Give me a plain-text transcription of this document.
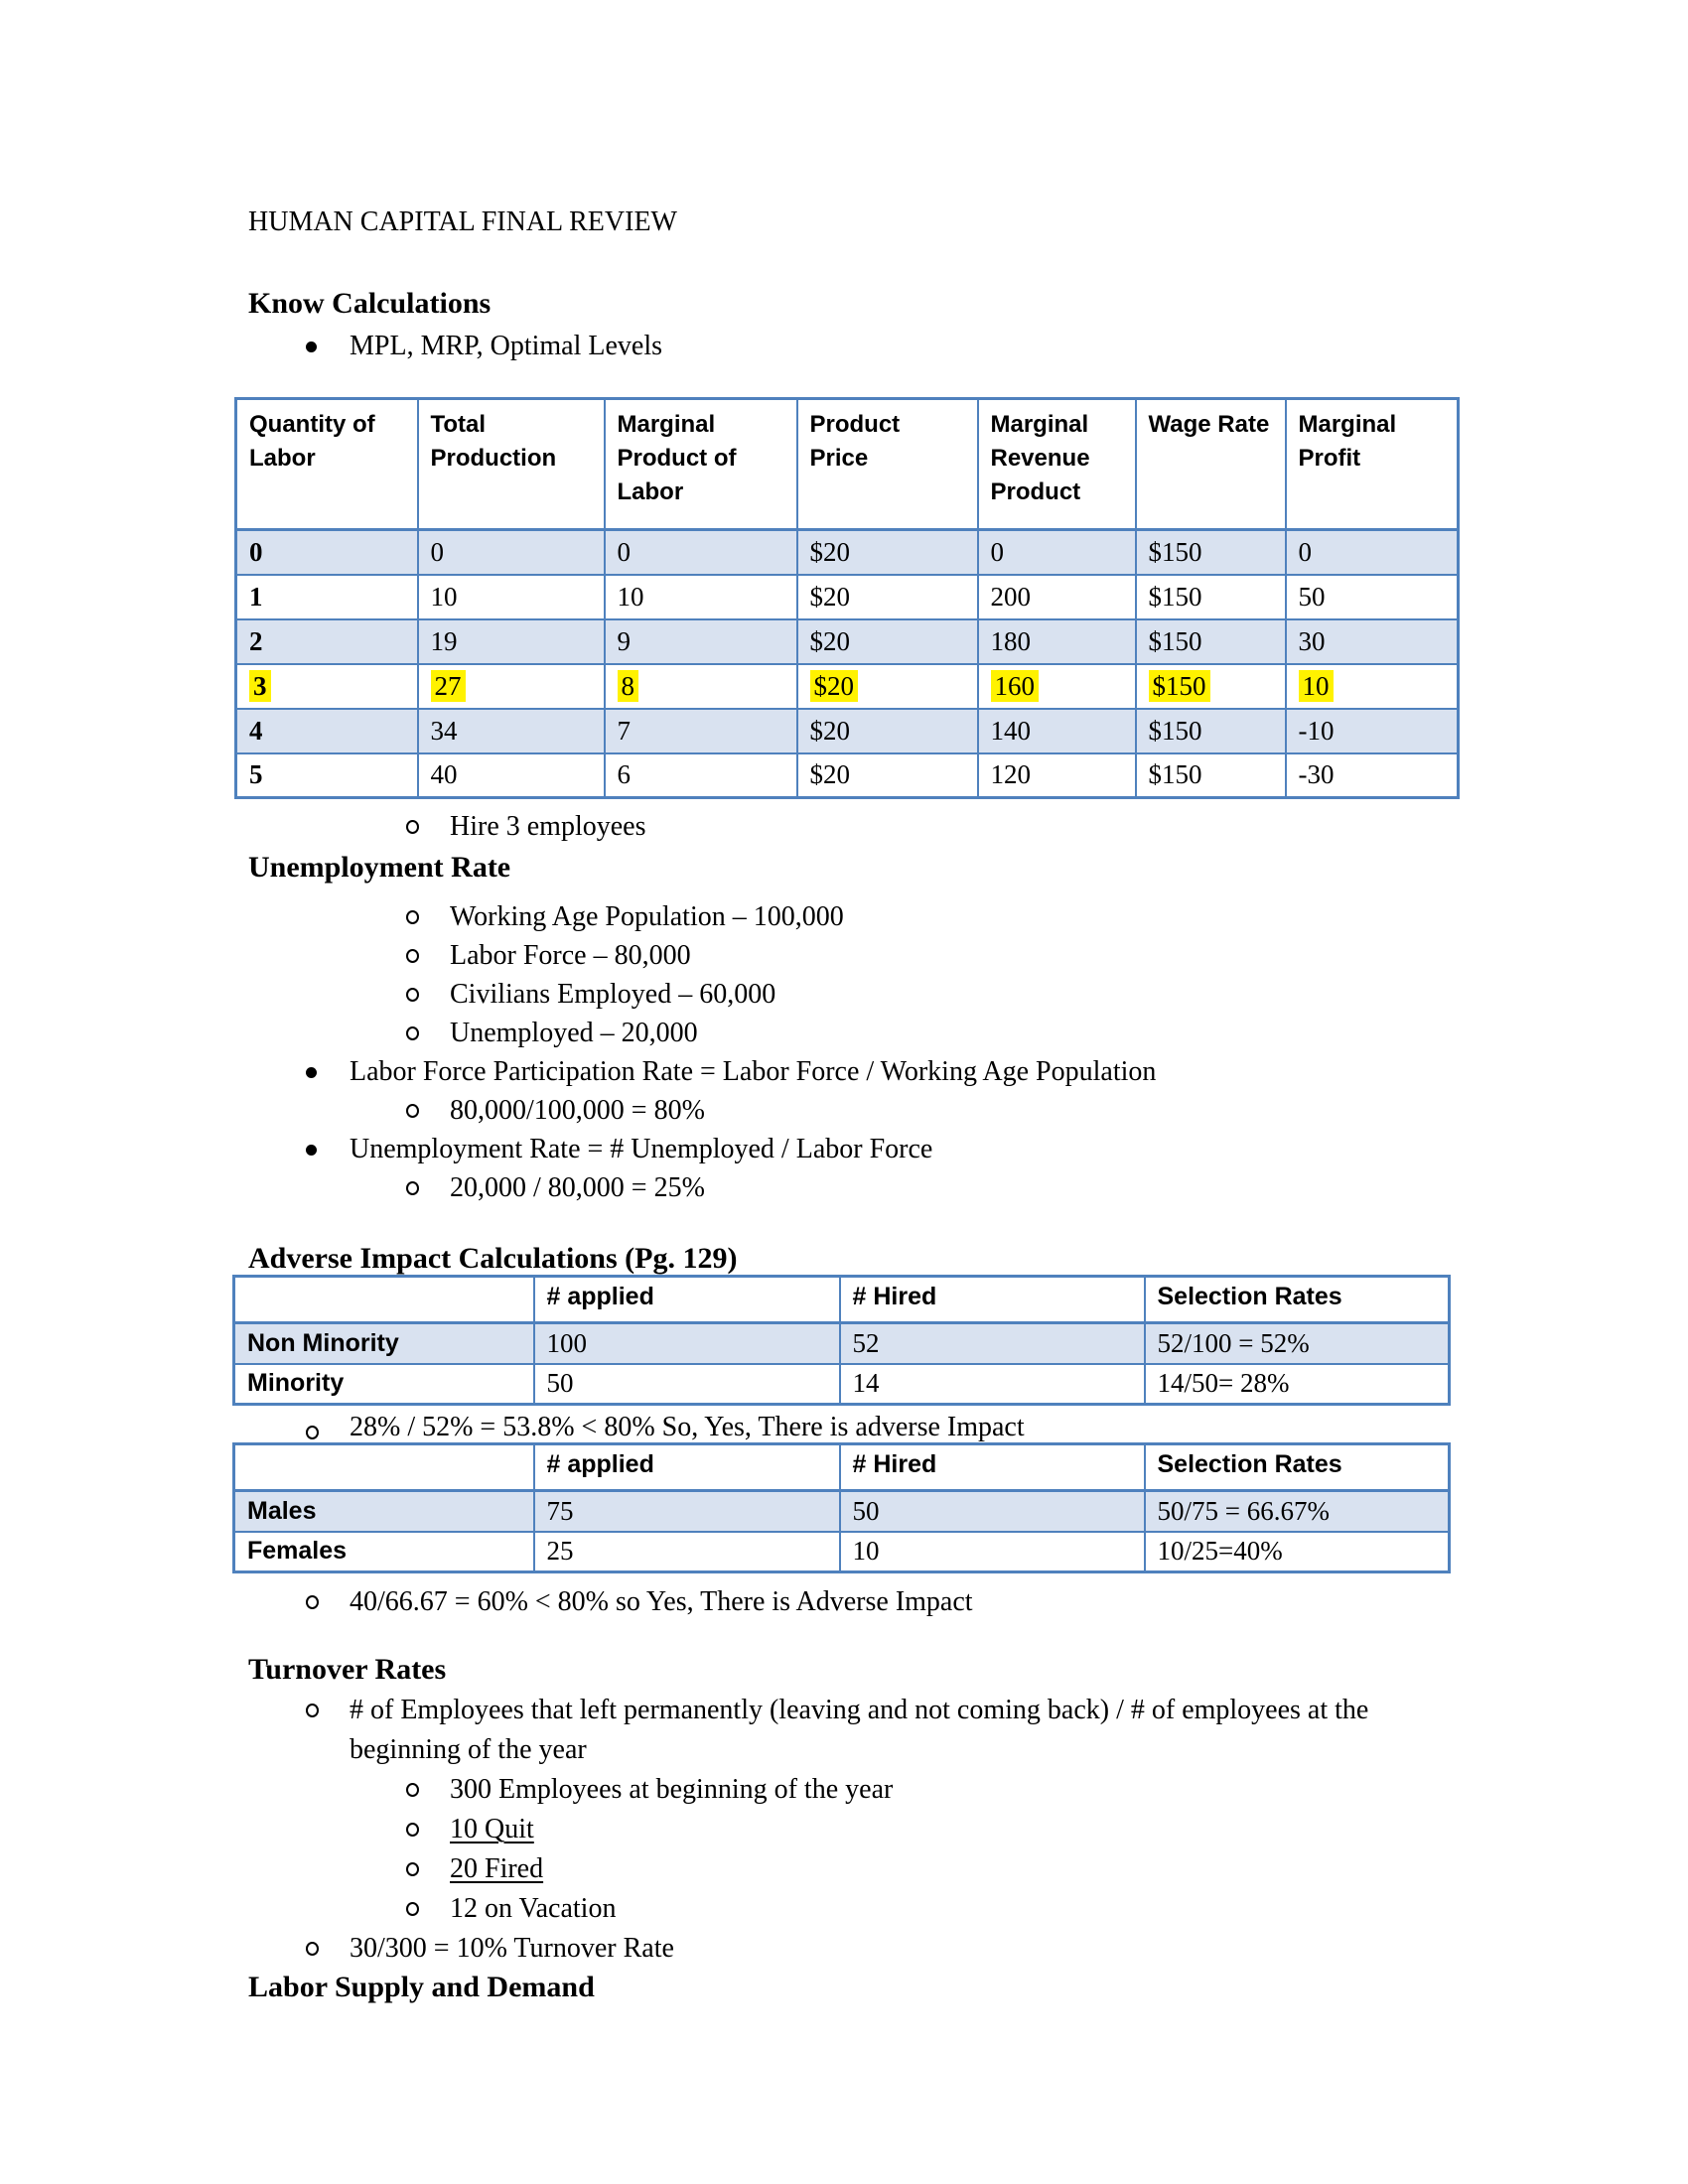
HUMAN CAPITAL FINAL REVIEW
Know Calculations
MPL, MRP, Optimal Levels
Quantity of Labor	Total Production	Marginal Product of Labor	Product Price	Marginal Revenue Product	Wage Rate	Marginal Profit
0	0	0	$20	0	$150	0
1	10	10	$20	200	$150	50
2	19	9	$20	180	$150	30
3	27	8	$20	160	$150	10
4	34	7	$20	140	$150	-10
5	40	6	$20	120	$150	-30
Hire 3 employees
Unemployment Rate
Working Age Population – 100,000
Labor Force – 80,000
Civilians Employed – 60,000
Unemployed – 20,000
Labor Force Participation Rate = Labor Force / Working Age Population
80,000/100,000 = 80%
Unemployment Rate = # Unemployed / Labor Force
20,000 / 80,000 = 25%
Adverse Impact Calculations (Pg. 129)
	# applied	# Hired	Selection Rates
Non Minority	100	52	52/100 = 52%
Minority	50	14	14/50= 28%
28% / 52% = 53.8% < 80% So, Yes, There is adverse Impact
	# applied	# Hired	Selection Rates
Males	75	50	50/75 = 66.67%
Females	25	10	10/25=40%
40/66.67 = 60% < 80% so Yes, There is Adverse Impact
Turnover Rates
# of Employees that left permanently (leaving and not coming back) / # of employees at the beginning of the year
300 Employees at beginning of the year
10 Quit
20 Fired
12 on Vacation
30/300 = 10% Turnover Rate
Labor Supply and Demand
